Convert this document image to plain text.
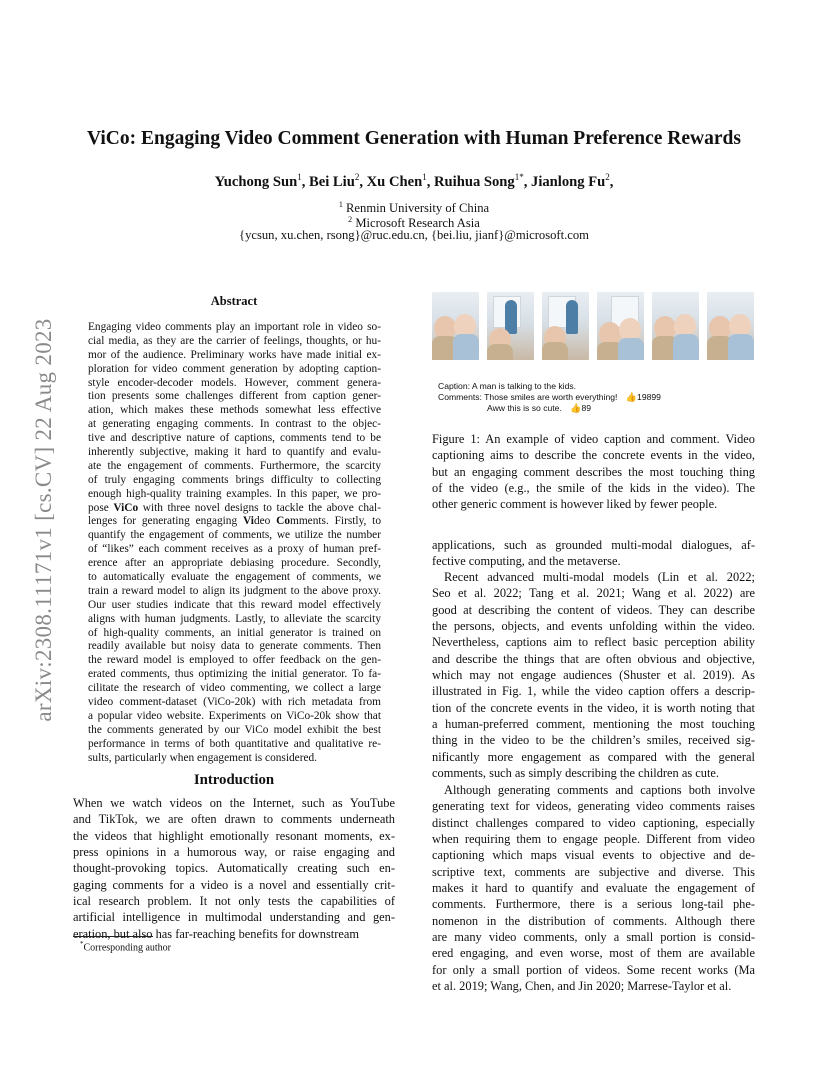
arXiv:2308.11171v1 [cs.CV] 22 Aug 2023
ViCo: Engaging Video Comment Generation with Human Preference Rewards
Yuchong Sun$^1$, Bei Liu$^2$, Xu Chen$^1$, Ruihua Song$^{1*}$, Jianlong Fu$^2$,
$^1$ Renmin University of China
$^2$ Microsoft Research Asia
{ycsun, xu.chen, rsong}@ruc.edu.cn, {bei.liu, jianf}@microsoft.com
Abstract
Engaging video comments play an important role in video so-
cial media, as they are the carrier of feelings, thoughts, or hu-
mor of the audience. Preliminary works have made initial ex-
ploration for video comment generation by adopting caption-
style encoder-decoder models. However, comment genera-
tion presents some challenges different from caption gener-
ation, which makes these methods somewhat less effective
at generating engaging comments. In contrast to the objec-
tive and descriptive nature of captions, comments tend to be
inherently subjective, making it hard to quantify and evalu-
ate the engagement of comments. Furthermore, the scarcity
of truly engaging comments brings difficulty to collecting
enough high-quality training examples. In this paper, we pro-
pose ViCo with three novel designs to tackle the above chal-
lenges for generating engaging Video Comments. Firstly, to
quantify the engagement of comments, we utilize the number
of “likes” each comment receives as a proxy of human pref-
erence after an appropriate debiasing procedure. Secondly,
to automatically evaluate the engagement of comments, we
train a reward model to align its judgment to the above proxy.
Our user studies indicate that this reward model effectively
aligns with human judgments. Lastly, to alleviate the scarcity
of high-quality comments, an initial generator is trained on
readily available but noisy data to generate comments. Then
the reward model is employed to offer feedback on the gen-
erated comments, thus optimizing the initial generator. To fa-
cilitate the research of video commenting, we collect a large
video comment-dataset (ViCo-20k) with rich metadata from
a popular video website. Experiments on ViCo-20k show that
the comments generated by our ViCo model exhibit the best
performance in terms of both quantitative and qualitative re-
sults, particularly when engagement is considered.
Introduction
When we watch videos on the Internet, such as YouTube
and TikTok, we are often drawn to comments underneath
the videos that highlight emotionally resonant moments, ex-
press opinions in a humorous way, or raise engaging and
thought-provoking topics. Automatically creating such en-
gaging comments for a video is a novel and essentially crit-
ical research problem. It not only tests the capabilities of
artificial intelligence in multimodal understanding and gen-
eration, but also has far-reaching benefits for downstream
*Corresponding author
Caption: A man is talking to the kids.
Comments: Those smiles are worth everything! 👍19899
Aww this is so cute. 👍89
Figure 1: An example of video caption and comment. Video
captioning aims to describe the concrete events in the video,
but an engaging comment describes the most touching thing
of the video (e.g., the smile of the kids in the video). The
other generic comment is however liked by fewer people.
applications, such as grounded multi-modal dialogues, af-
fective computing, and the metaverse.
Recent advanced multi-modal models (Lin et al. 2022;
Seo et al. 2022; Tang et al. 2021; Wang et al. 2022) are
good at describing the content of videos. They can describe
the persons, objects, and events unfolding within the video.
Nevertheless, captions aim to reflect basic perception ability
and describe the things that are often obvious and objective,
which may not engage audiences (Shuster et al. 2019). As
illustrated in Fig. 1, while the video caption offers a descrip-
tion of the concrete events in the video, it is worth noting that
a human-preferred comment, mentioning the most touching
thing in the video to be the children’s smiles, received sig-
nificantly more engagement as compared with the general
comments, such as simply describing the children as cute.
Although generating comments and captions both involve
generating text for videos, generating video comments raises
distinct challenges compared to video captioning, especially
when requiring them to engage people. Different from video
captioning which maps visual events to objective and de-
scriptive text, comments are subjective and diverse. This
makes it hard to quantify and evaluate the engagement of
comments. Furthermore, there is a serious long-tail phe-
nomenon in the distribution of comments. Although there
are many video comments, only a small portion is consid-
ered engaging, and even worse, most of them are available
for only a small portion of videos. Some recent works (Ma
et al. 2019; Wang, Chen, and Jin 2020; Marrese-Taylor et al.
